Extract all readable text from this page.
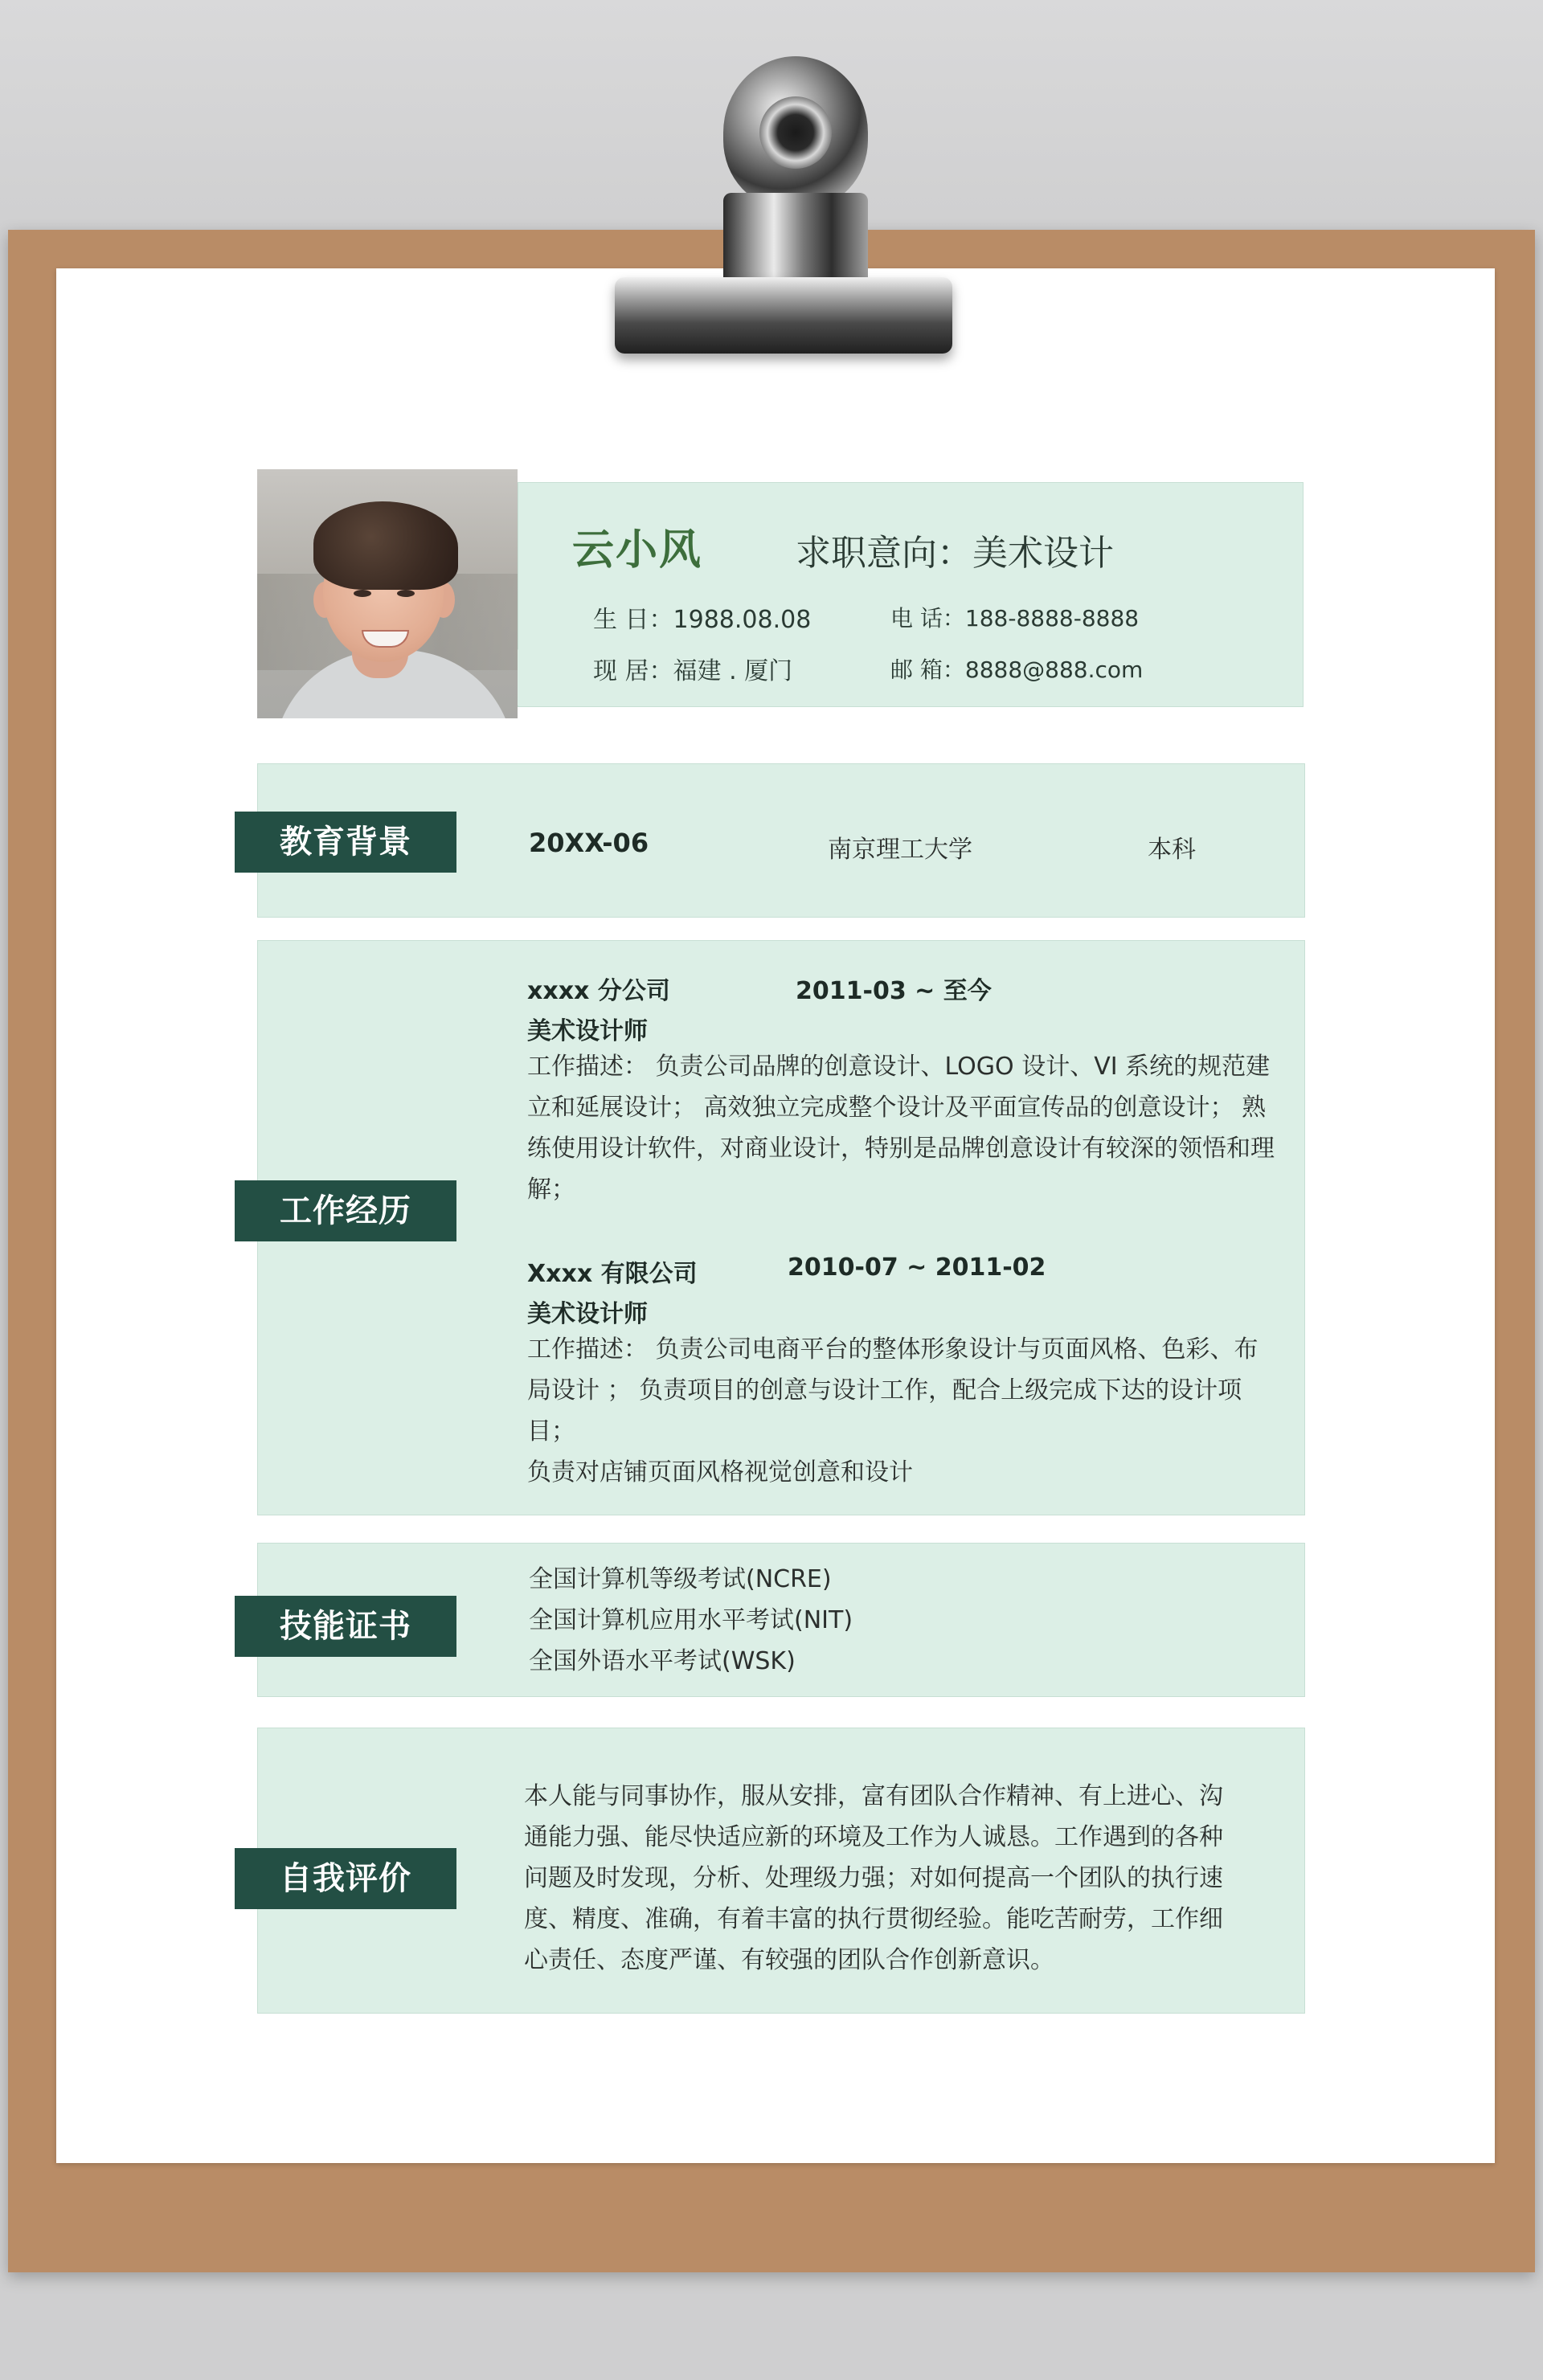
云小风	求职意向：美术设计
生 日：1988.08.08	电 话：188-8888-8888
现 居：福建 . 厦门	邮 箱：8888@888.com
教育背景	20XX-06	南京理工大学	本科
工作经历
xxxx 分公司	2011-03 ~ 至今
美术设计师
工作描述： 负责公司品牌的创意设计、LOGO 设计、VI 系统的规范建
立和延展设计； 高效独立完成整个设计及平面宣传品的创意设计； 熟
练使用设计软件，对商业设计，特别是品牌创意设计有较深的领悟和理
解；
Xxxx 有限公司	2010-07 ~ 2011-02
美术设计师
工作描述： 负责公司电商平台的整体形象设计与页面风格、色彩、布
局设计 ； 负责项目的创意与设计工作，配合上级完成下达的设计项目；
负责对店铺页面风格视觉创意和设计
技能证书
全国计算机等级考试(NCRE)
全国计算机应用水平考试(NIT)
全国外语水平考试(WSK)
自我评价
本人能与同事协作，服从安排，富有团队合作精神、有上进心、沟
通能力强、能尽快适应新的环境及工作为人诚恳。工作遇到的各种
问题及时发现，分析、处理级力强；对如何提高一个团队的执行速
度、精度、准确，有着丰富的执行贯彻经验。能吃苦耐劳，工作细
心责任、态度严谨、有较强的团队合作创新意识。
